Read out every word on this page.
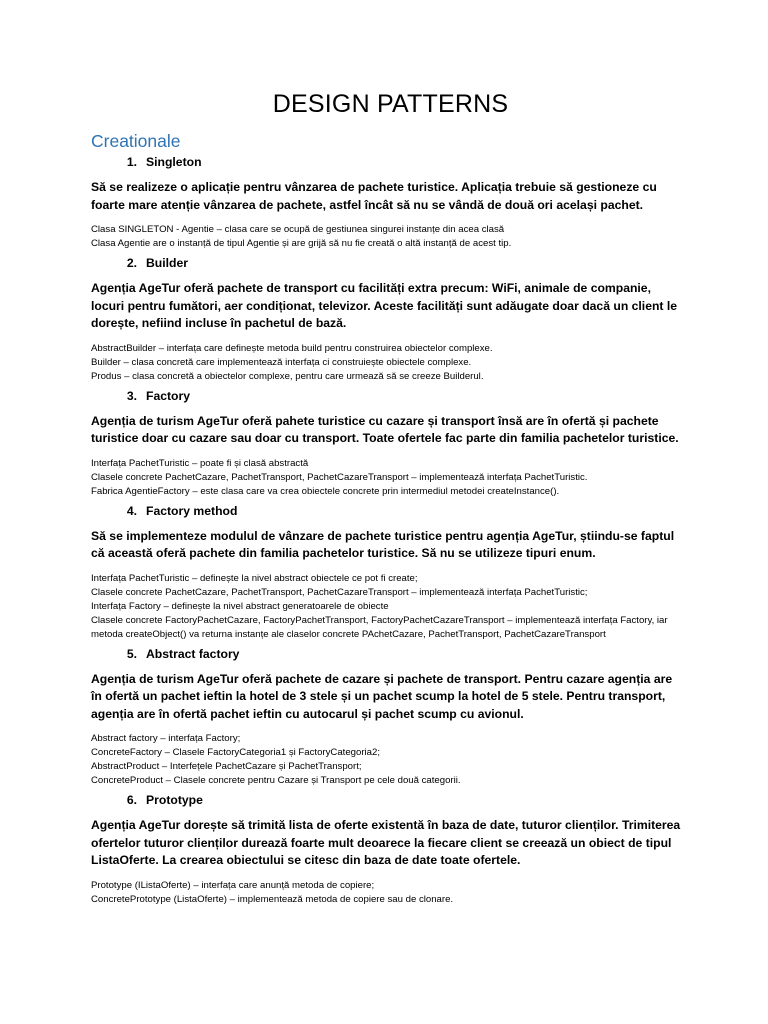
DESIGN PATTERNS
Creationale
1. Singleton

Să se realizeze o aplicație pentru vânzarea de pachete turistice. Aplicația trebuie să gestioneze cu foarte mare atenție vânzarea de pachete, astfel încât să nu se vândă de două ori același pachet.

Clasa SINGLETON - Agentie – clasa care se ocupă de gestiunea singurei instanțe din acea clasă
Clasa Agentie are o instanță de tipul Agentie și are grijă să nu fie creată o altă instanță de acest tip.
2. Builder

Agenția AgeTur oferă pachete de transport cu facilități extra precum: WiFi, animale de companie, locuri pentru fumători, aer condiționat, televizor. Aceste facilități sunt adăugate doar dacă un client le dorește, nefiind incluse în pachetul de bază.

AbstractBuilder – interfața care definește metoda build pentru construirea obiectelor complexe.
Builder – clasa concretă care implementează interfața ci construiește obiectele complexe.
Produs – clasa concretă a obiectelor complexe, pentru care urmează să se creeze Builderul.
3. Factory

Agenția de turism AgeTur oferă pahete turistice cu cazare și transport însă are în ofertă și pachete turistice doar cu cazare sau doar cu transport. Toate ofertele fac parte din familia pachetelor turistice.

Interfața PachetTuristic – poate fi și clasă abstractă
Clasele concrete PachetCazare, PachetTransport, PachetCazareTransport – implementează interfața PachetTuristic.
Fabrica AgentieFactory – este clasa care va crea obiectele concrete prin intermediul metodei createInstance().
4. Factory method

Să se implementeze modulul de vânzare de pachete turistice pentru agenția AgeTur, știindu-se faptul că această oferă pachete din familia pachetelor turistice. Să nu se utilizeze tipuri enum.

Interfața PachetTuristic – definește la nivel abstract obiectele ce pot fi create;
Clasele concrete PachetCazare, PachetTransport, PachetCazareTransport – implementează interfața PachetTuristic;
Interfața Factory – definește la nivel abstract generatoarele de obiecte
Clasele concrete FactoryPachetCazare, FactoryPachetTransport, FactoryPachetCazareTransport – implementează interfața Factory, iar metoda createObject() va returna instanțe ale claselor concrete PAchetCazare, PachetTransport, PachetCazareTransport
5. Abstract factory

Agenția de turism AgeTur oferă pachete de cazare și pachete de transport. Pentru cazare agenția are în ofertă un pachet ieftin la hotel de 3 stele și un pachet scump la hotel de 5 stele. Pentru transport, agenția are în ofertă pachet ieftin cu autocarul și pachet scump cu avionul.

Abstract factory – interfața Factory;
ConcreteFactory – Clasele FactoryCategoria1 și FactoryCategoria2;
AbstractProduct – Interfețele PachetCazare și PachetTransport;
ConcreteProduct – Clasele concrete pentru Cazare și Transport pe cele două categorii.
6. Prototype

Agenția AgeTur dorește să trimită lista de oferte existentă în baza de date, tuturor clienților. Trimiterea ofertelor tuturor clienților durează foarte mult deoarece la fiecare client se creează un obiect de tipul ListaOferte. La crearea obiectului se citesc din baza de date toate ofertele.

Prototype (IListaOferte) – interfața care anunță metoda de copiere;
ConcretePrototype (ListaOferte) – implementează metoda de copiere sau de clonare.
